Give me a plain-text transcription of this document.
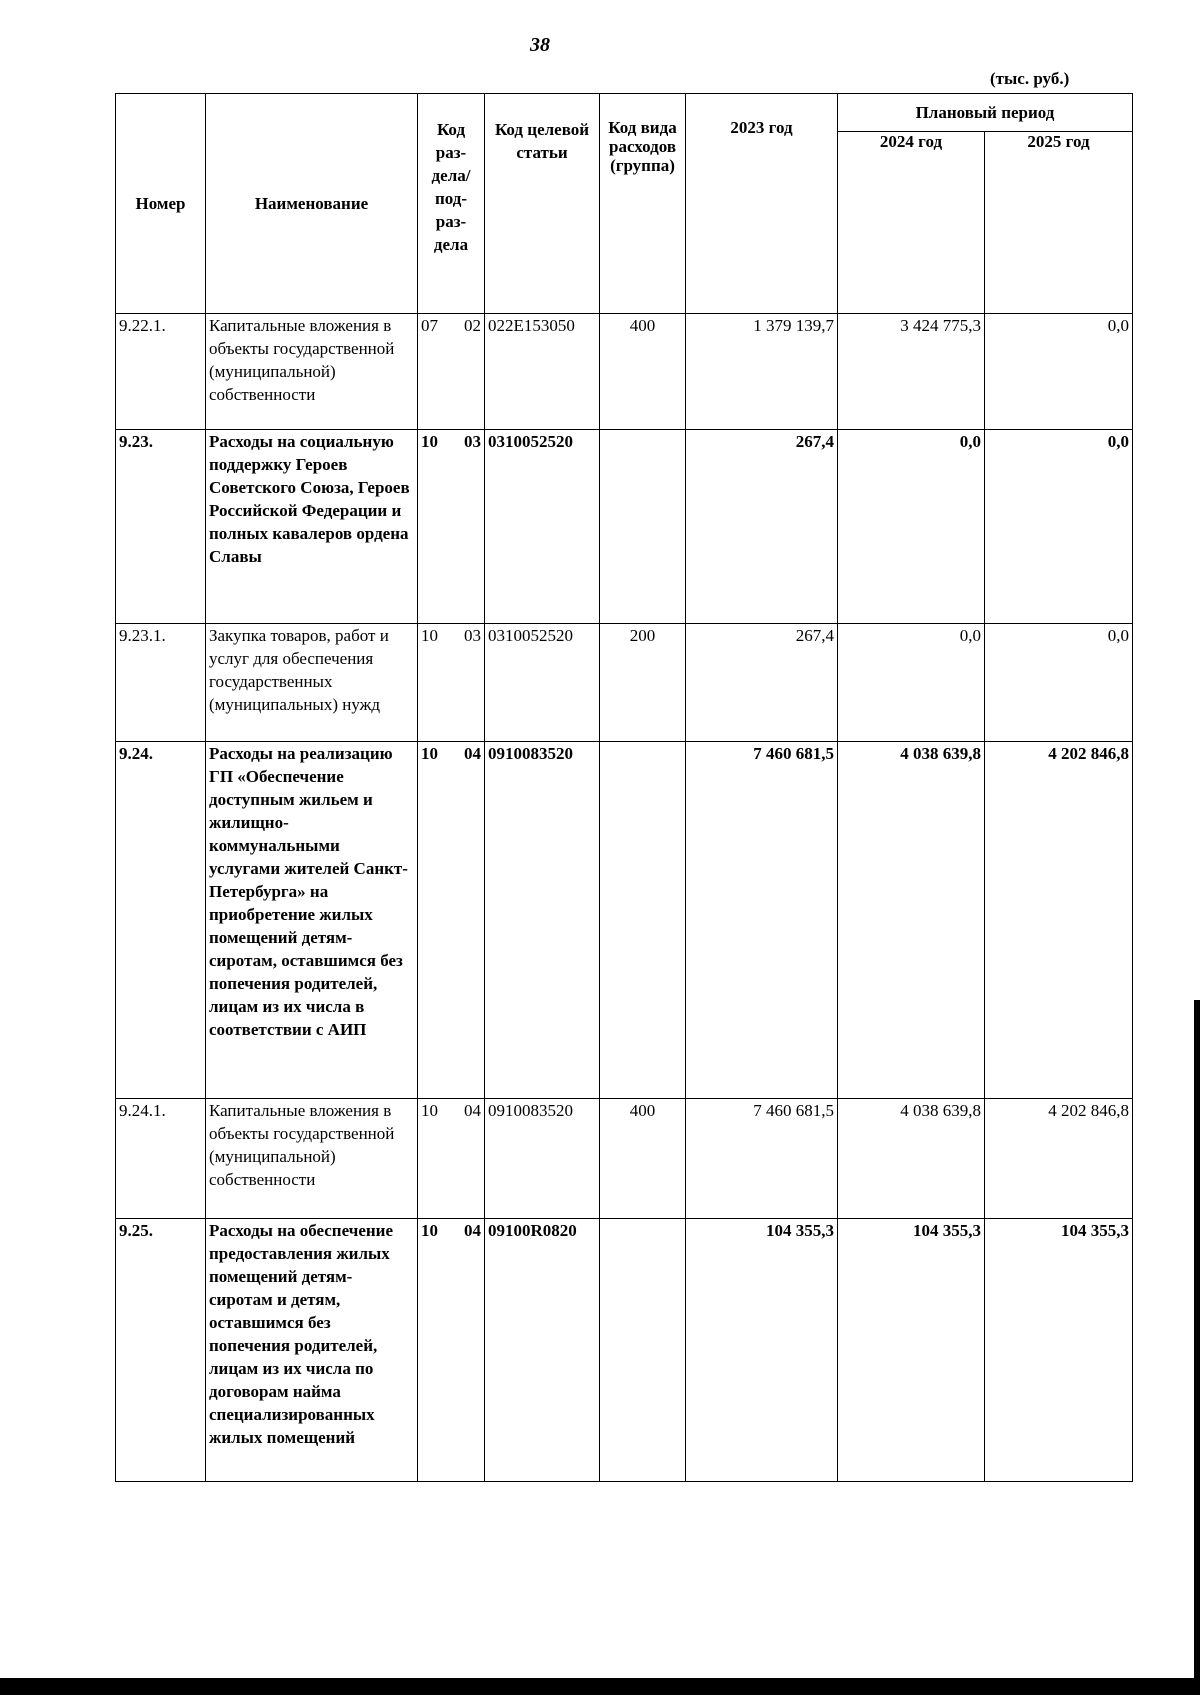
38
(тыс. руб.)
Номер	Наименование	Код раз-дела/ под-раз-дела	Код целевой статьи	Код вида расходов (группа)	2023 год	Плановый период	
						2024 год	2025 год
9.22.1.	Капитальные вложения в объекты государственной (муниципальной) собственности	07 02	022Е153050	400	1 379 139,7	3 424 775,3	0,0
9.23.	Расходы на социальную поддержку Героев Советского Союза, Героев Российской Федерации и полных кавалеров ордена Славы	10 03	0310052520		267,4	0,0	0,0
9.23.1.	Закупка товаров, работ и услуг для обеспечения государственных (муниципальных) нужд	10 03	0310052520	200	267,4	0,0	0,0
9.24.	Расходы на реализацию ГП «Обеспечение доступным жильем и жилищно-коммунальными услугами жителей Санкт-Петербурга» на приобретение жилых помещений детям-сиротам, оставшимся без попечения родителей, лицам из их числа в соответствии с АИП	10 04	0910083520		7 460 681,5	4 038 639,8	4 202 846,8
9.24.1.	Капитальные вложения в объекты государственной (муниципальной) собственности	10 04	0910083520	400	7 460 681,5	4 038 639,8	4 202 846,8
9.25.	Расходы на обеспечение предоставления жилых помещений детям-сиротам и детям, оставшимся без попечения родителей, лицам из их числа по договорам найма специализированных жилых помещений	10 04	09100R0820		104 355,3	104 355,3	104 355,3
